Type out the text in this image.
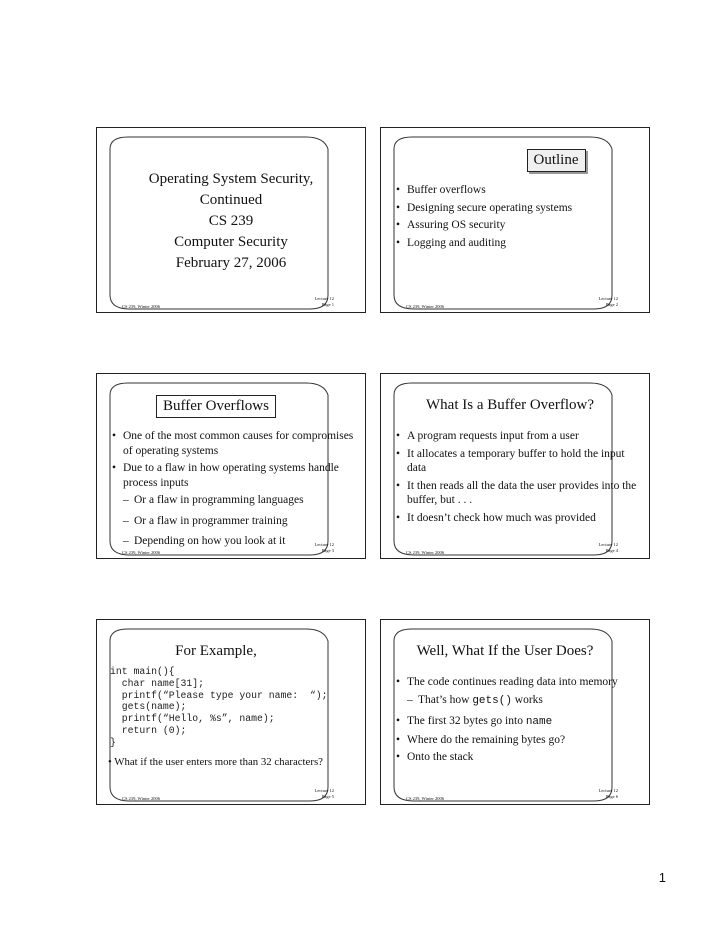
Operating System Security,
Continued
CS 239
Computer Security
February 27, 2006
Lecture 12
Page 1
CS 239, Winter 2006
Outline
• Buffer overflows
• Designing secure operating systems
• Assuring OS security
• Logging and auditing
Lecture 12
Page 2
CS 239, Winter 2006
Buffer Overflows
• One of the most common causes for compromises of operating systems
• Due to a flaw in how operating systems handle process inputs
– Or a flaw in programming languages
– Or a flaw in programmer training
– Depending on how you look at it	Lecture 12
Page 3
CS 239, Winter 2006
What Is a Buffer Overflow?
• A program requests input from a user
• It allocates a temporary buffer to hold the input data
• It then reads all the data the user provides into the buffer, but . . .
• It doesn’t check how much was provided
Lecture 12
Page 4
CS 239, Winter 2006
For Example,
int main(){
char name[31];
printf(“Please type your name:  “);
gets(name);
printf(“Hello, %s”, name);
return (0);
}
• What if the user enters more than 32 characters?
Lecture 12
Page 5
CS 239, Winter 2006
Well, What If the User Does?
• The code continues reading data into memory
– That’s how gets() works
• The first 32 bytes go into name
• Where do the remaining bytes go?
• Onto the stack
Lecture 12
Page 6
CS 239, Winter 2006
1
